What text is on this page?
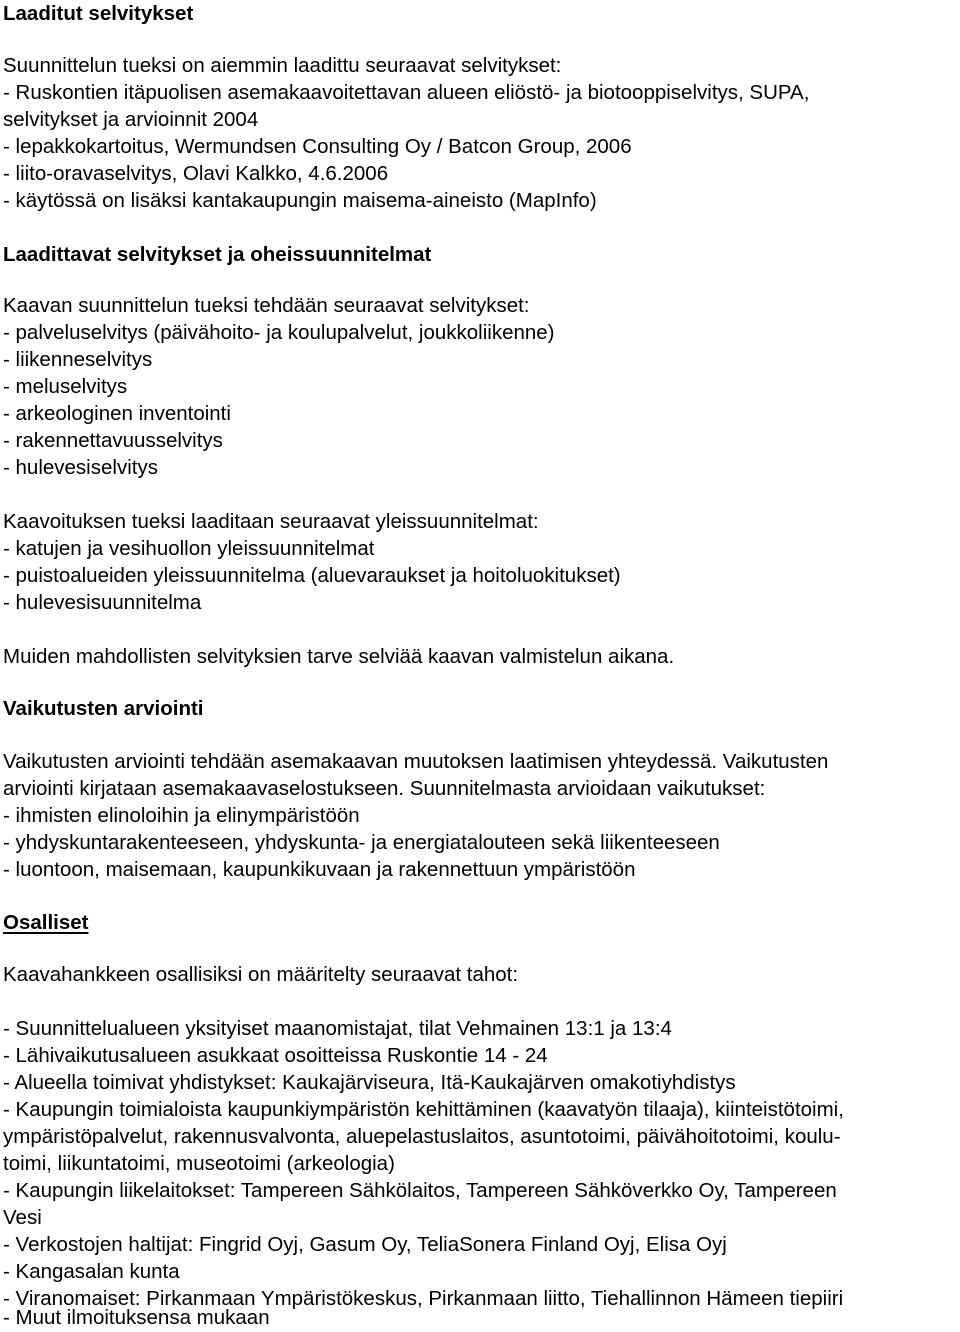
Laaditut selvitykset
Suunnittelun tueksi on aiemmin laadittu seuraavat selvitykset:
- Ruskontien itäpuolisen asemakaavoitettavan alueen eliöstö- ja biotooppiselvitys, SUPA,
selvitykset ja arvioinnit 2004
- lepakkokartoitus, Wermundsen Consulting Oy / Batcon Group, 2006
- liito-oravaselvitys, Olavi Kalkko, 4.6.2006
- käytössä on lisäksi kantakaupungin maisema-aineisto (MapInfo)
Laadittavat selvitykset ja oheissuunnitelmat
Kaavan suunnittelun tueksi tehdään seuraavat selvitykset:
- palveluselvitys (päivähoito- ja koulupalvelut, joukkoliikenne)
- liikenneselvitys
- meluselvitys
- arkeologinen inventointi
- rakennettavuusselvitys
- hulevesiselvitys
Kaavoituksen tueksi laaditaan seuraavat yleissuunnitelmat:
- katujen ja vesihuollon yleissuunnitelmat
- puistoalueiden yleissuunnitelma (aluevaraukset ja hoitoluokitukset)
- hulevesisuunnitelma
Muiden mahdollisten selvityksien tarve selviää kaavan valmistelun aikana.
Vaikutusten arviointi
Vaikutusten arviointi tehdään asemakaavan muutoksen laatimisen yhteydessä. Vaikutusten
arviointi kirjataan asemakaavaselostukseen. Suunnitelmasta arvioidaan vaikutukset:
- ihmisten elinoloihin ja elinympäristöön
- yhdyskuntarakenteeseen, yhdyskunta- ja energiatalouteen sekä liikenteeseen
- luontoon, maisemaan, kaupunkikuvaan ja rakennettuun ympäristöön
Osalliset
Kaavahankkeen osallisiksi on määritelty seuraavat tahot:
- Suunnittelualueen yksityiset maanomistajat, tilat Vehmainen 13:1 ja 13:4
- Lähivaikutusalueen asukkaat osoitteissa Ruskontie 14 - 24
- Alueella toimivat yhdistykset: Kaukajärviseura, Itä-Kaukajärven omakotiyhdistys
- Kaupungin toimialoista kaupunkiympäristön kehittäminen (kaavatyön tilaaja), kiinteistötoimi,
ympäristöpalvelut, rakennusvalvonta, aluepelastuslaitos, asuntotoimi, päivähoitotoimi, koulu-
toimi, liikuntatoimi, museotoimi (arkeologia)
- Kaupungin liikelaitokset: Tampereen Sähkölaitos, Tampereen Sähköverkko Oy, Tampereen
Vesi
- Verkostojen haltijat: Fingrid Oyj, Gasum Oy, TeliaSonera Finland Oyj, Elisa Oyj
- Kangasalan kunta
- Viranomaiset: Pirkanmaan Ympäristökeskus, Pirkanmaan liitto, Tiehallinnon Hämeen tiepiiri
- Muut ilmoituksensa mukaan
